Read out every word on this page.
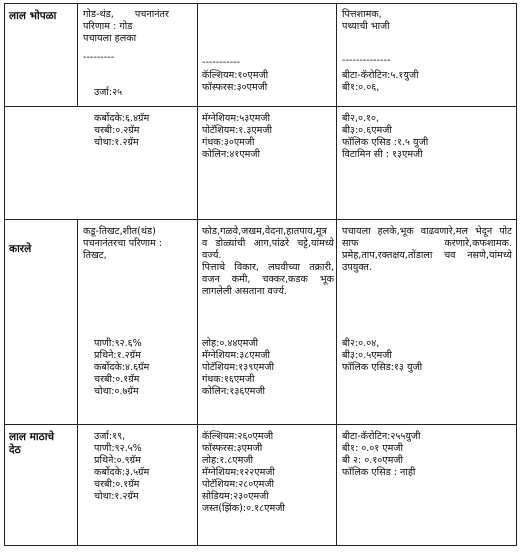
लाल भोपळा	गोड-थंड, पचनानंतर
परिणाम : गोड
पचायला हलका
---------
उर्जा:२५
-----------
कॅल्शियम:१०एमजी
फॉस्फरस:३०एमजी
पित्तशामक,
पथ्याची भाजी
--------------
बीटा-कॅरोटिन:५.१युजी
बी१:०.०६,
कर्बोदके:६.४ग्रॅम
चरबी:०.२ग्रॅम
चोथा:१.२ग्रॅम
मॅग्नेशियम:५३एमजी
पोटॅशियम:१.३एमजी
गंधक:३०एमजी
कोलिन:४१एमजी
बी२,०.१०,
बी३:०.६एमजी
फॉलिक एसिड :१.५ युजी
विटामिन सी : १३एमजी
कारले
कडू-तिखट,शीत(थंड)
पचनानंतरचा परिणाम :
तिखट,
फोड,गळवे,जखम,वेदना,हातपाय,मूत्र व डोळ्यांची आग,पांढरे चट्टे,यांमध्ये वर्ज्य.
पित्ताचे विकार, लघवीच्या तक्रारी, वजन कमी, चक्कर,कडक भूक लागलेली असताना वर्ज्य.
पचायला हलके,भूक वाढवणारे,मल भेदून पोट साफ करणारे,कफशामक. प्रमेह,ताप,रक्तक्षय,तोंडाला चव नसणे,यांमध्ये उपयुक्त.
पाणी:९२.६%
प्रथिने:१.२ग्रॅम
कर्बोदके:४.६ग्रॅम
चरबी:०.१ग्रॅम
चोथा:०.७ग्रॅम
लोह:०.४४एमजी
मॅग्नेशियम:३८एमजी
पोटॅशियम:१३९एमजी
गंधक:१६एमजी
कोलिन:१३६एमजी
बी२:०.०४,
बी३:०.५एमजी
फॉलिक एसिड:१३ युजी
लाल माठाचे
देठ
उर्जा:१९,
पाणी:९२.५%
प्रथिने:०.९ग्रॅम
कर्बोदके:३.५ग्रॅम
चरबी:०.१ग्रॅम
चोथा:१.२ग्रॅम
कॅल्शियम:२६०एमजी
फॉस्फरस:३एमजी
लोह:१.८एमजी
मॅग्नेशियम:१२२एमजी
पोटॅशियम:२८०एमजी
सोडियम:२३०एमजी
जस्त(झिंक):०.१८एमजी
बीटा-कॅरोटिन:२५५युजी
बी१: ०.०१ एमजी
बी २: ०.१०एमजी
फॉलिक एसिड : नाही
